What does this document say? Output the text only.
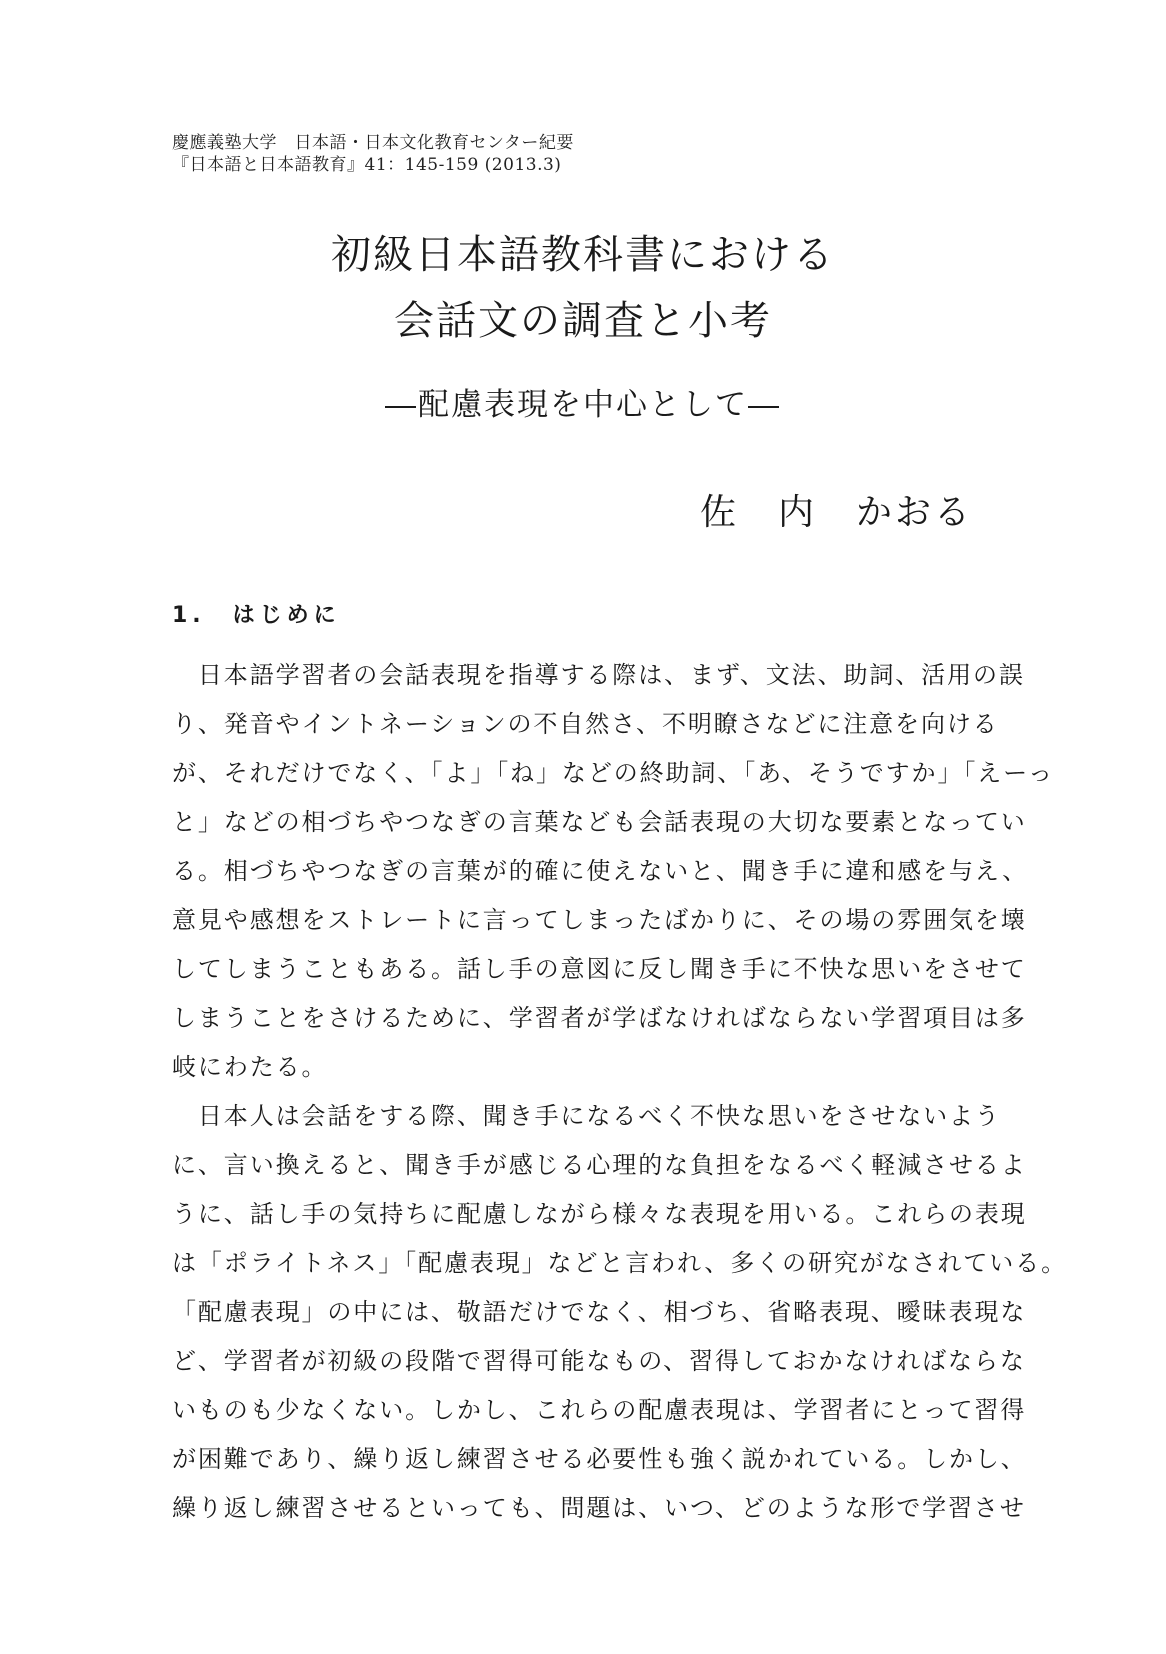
慶應義塾大学　日本語・日本文化教育センター紀要
『日本語と日本語教育』41：145-159 (2013.3)
初級日本語教科書における
会話文の調査と小考
―配慮表現を中心として―
佐　内　かおる
1.　はじめに
　日本語学習者の会話表現を指導する際は、まず、文法、助詞、活用の誤
り、発音やイントネーションの不自然さ、不明瞭さなどに注意を向ける
が、それだけでなく、「よ」「ね」などの終助詞、「あ、そうですか」「えーっ
と」などの相づちやつなぎの言葉なども会話表現の大切な要素となってい
る。相づちやつなぎの言葉が的確に使えないと、聞き手に違和感を与え、
意見や感想をストレートに言ってしまったばかりに、その場の雰囲気を壊
してしまうこともある。話し手の意図に反し聞き手に不快な思いをさせて
しまうことをさけるために、学習者が学ばなければならない学習項目は多
岐にわたる。
　日本人は会話をする際、聞き手になるべく不快な思いをさせないよう
に、言い換えると、聞き手が感じる心理的な負担をなるべく軽減させるよ
うに、話し手の気持ちに配慮しながら様々な表現を用いる。これらの表現
は「ポライトネス」「配慮表現」などと言われ、多くの研究がなされている。
「配慮表現」の中には、敬語だけでなく、相づち、省略表現、曖昧表現な
ど、学習者が初級の段階で習得可能なもの、習得しておかなければならな
いものも少なくない。しかし、これらの配慮表現は、学習者にとって習得
が困難であり、繰り返し練習させる必要性も強く説かれている。しかし、
繰り返し練習させるといっても、問題は、いつ、どのような形で学習させ
